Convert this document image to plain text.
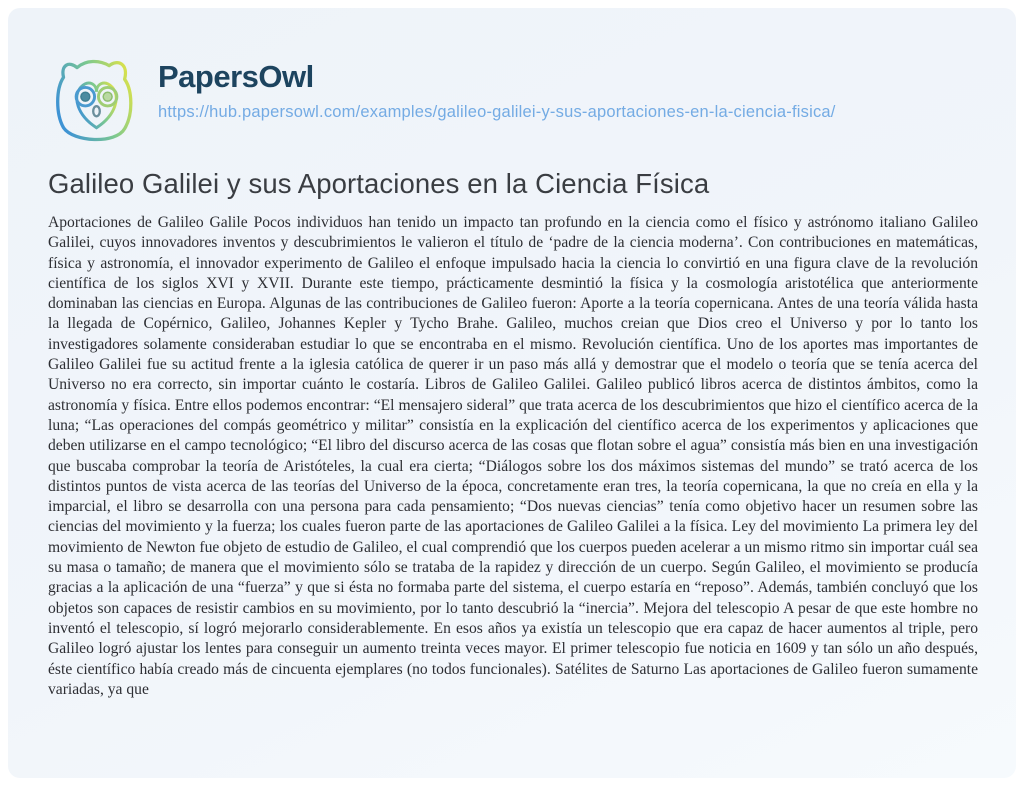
PapersOwl
https://hub.papersowl.com/examples/galileo-galilei-y-sus-aportaciones-en-la-ciencia-fisica/
Galileo Galilei y sus Aportaciones en la Ciencia Física
Aportaciones de Galileo Galile Pocos individuos han tenido un impacto tan profundo en la ciencia como el físico y astrónomo italiano Galileo Galilei, cuyos innovadores inventos y descubrimientos le valieron el título de ‘padre de la ciencia moderna’. Con contribuciones en matemáticas, física y astronomía, el innovador experimento de Galileo el enfoque impulsado hacia la ciencia lo convirtió en una figura clave de la revolución científica de los siglos XVI y XVII. Durante este tiempo, prácticamente desmintió la física y la cosmología aristotélica que anteriormente dominaban las ciencias en Europa. Algunas de las contribuciones de Galileo fueron: Aporte a la teoría copernicana. Antes de una teoría válida hasta la llegada de Copérnico, Galileo, Johannes Kepler y Tycho Brahe. Galileo, muchos creian que Dios creo el Universo y por lo tanto los investigadores solamente consideraban estudiar lo que se encontraba en el mismo. Revolución científica. Uno de los aportes mas importantes de Galileo Galilei fue su actitud frente a la iglesia católica de querer ir un paso más allá y demostrar que el modelo o teoría que se tenía acerca del Universo no era correcto, sin importar cuánto le costaría. Libros de Galileo Galilei. Galileo publicó libros acerca de distintos ámbitos, como la astronomía y física. Entre ellos podemos encontrar: “El mensajero sideral” que trata acerca de los descubrimientos que hizo el científico acerca de la luna; “Las operaciones del compás geométrico y militar” consistía en la explicación del científico acerca de los experimentos y aplicaciones que deben utilizarse en el campo tecnológico; “El libro del discurso acerca de las cosas que flotan sobre el agua” consistía más bien en una investigación que buscaba comprobar la teoría de Aristóteles, la cual era cierta; “Diálogos sobre los dos máximos sistemas del mundo” se trató acerca de los distintos puntos de vista acerca de las teorías del Universo de la época, concretamente eran tres, la teoría copernicana, la que no creía en ella y la imparcial, el libro se desarrolla con una persona para cada pensamiento; “Dos nuevas ciencias” tenía como objetivo hacer un resumen sobre las ciencias del movimiento y la fuerza; los cuales fueron parte de las aportaciones de Galileo Galilei a la física. Ley del movimiento La primera ley del movimiento de Newton fue objeto de estudio de Galileo, el cual comprendió que los cuerpos pueden acelerar a un mismo ritmo sin importar cuál sea su masa o tamaño; de manera que el movimiento sólo se trataba de la rapidez y dirección de un cuerpo. Según Galileo, el movimiento se producía gracias a la aplicación de una “fuerza” y que si ésta no formaba parte del sistema, el cuerpo estaría en “reposo”. Además, también concluyó que los objetos son capaces de resistir cambios en su movimiento, por lo tanto descubrió la “inercia”. Mejora del telescopio A pesar de que este hombre no inventó el telescopio, sí logró mejorarlo considerablemente. En esos años ya existía un telescopio que era capaz de hacer aumentos al triple, pero Galileo logró ajustar los lentes para conseguir un aumento treinta veces mayor. El primer telescopio fue noticia en 1609 y tan sólo un año después, éste científico había creado más de cincuenta ejemplares (no todos funcionales). Satélites de Saturno Las aportaciones de Galileo fueron sumamente variadas, ya que
